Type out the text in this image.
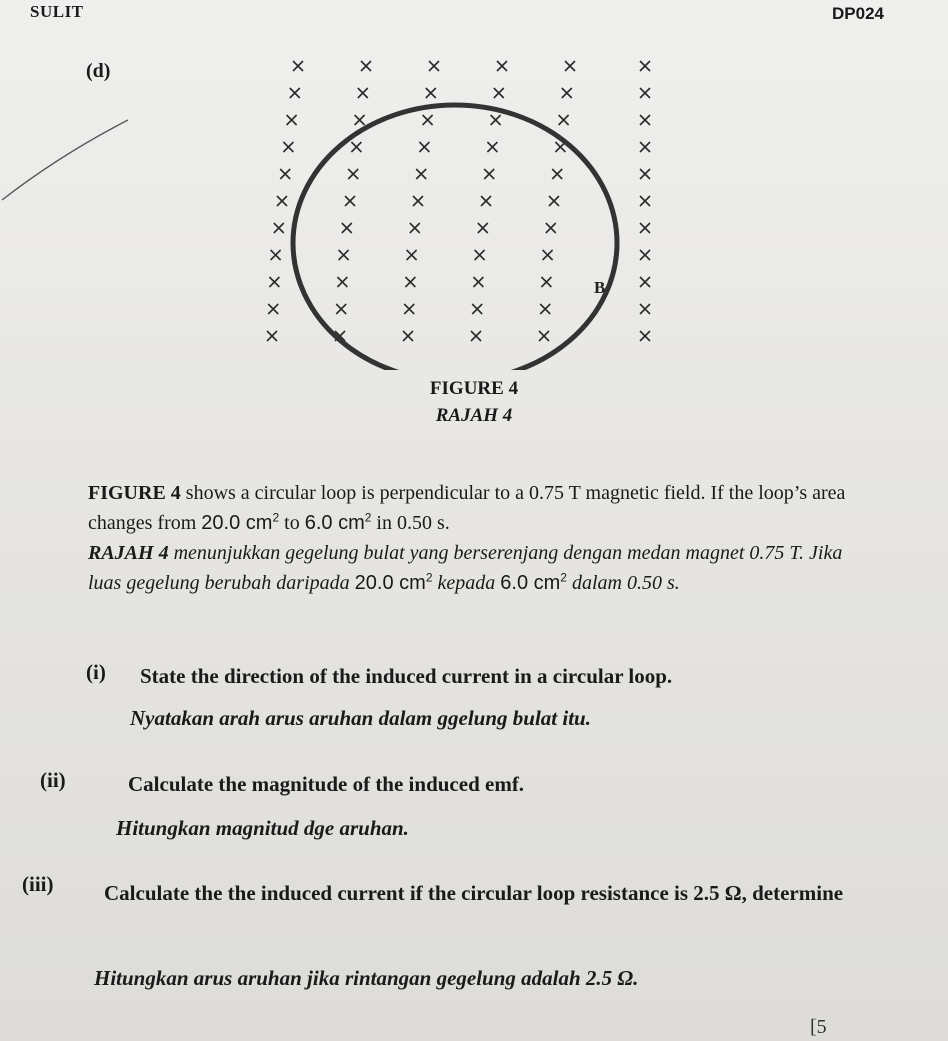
SULIT	DP024
(d)
B
FIGURE 4
RAJAH 4
FIGURE 4 shows a circular loop is perpendicular to a 0.75 T magnetic field. If the loop’s area changes from 20.0 $cm^2$ to 6.0 $cm^2$ in 0.50 s.
RAJAH 4 menunjukkan gegelung bulat yang berserenjang dengan medan magnet 0.75 T. Jika luas gegelung berubah daripada 20.0 $cm^2$ kepada 6.0 $cm^2$ dalam 0.50 s.
(i) State the direction of the induced current in a circular loop.
Nyatakan arah arus aruhan dalam ggelung bulat itu.
(ii)	Calculate the magnitude of the induced emf.
Hitungkan magnitud dge aruhan.
(iii) Calculate the the induced current if the circular loop resistance is 2.5 Ω, determine
Hitungkan arus aruhan jika rintangan gegelung adalah 2.5 Ω.
[5
